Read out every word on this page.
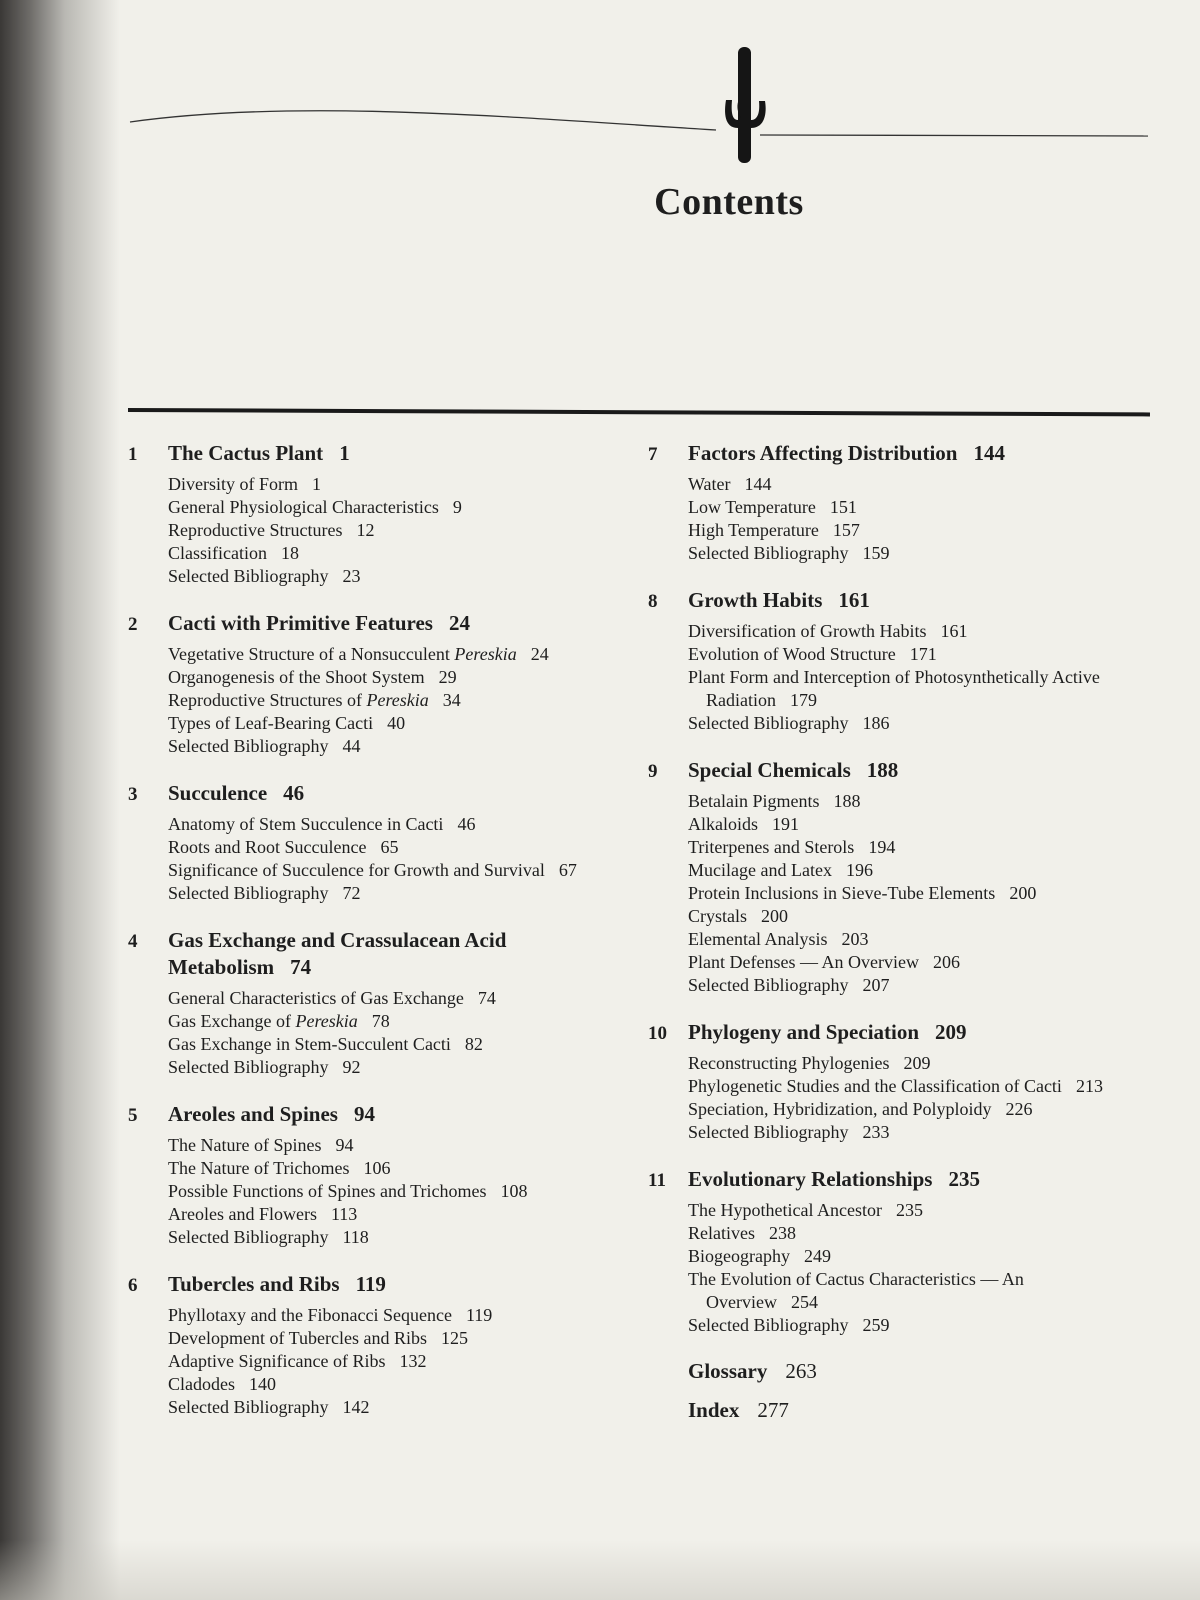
Contents
1	The Cactus Plant 1
Diversity of Form 1
General Physiological Characteristics 9
Reproductive Structures 12
Classification 18
Selected Bibliography 23
2	Cacti with Primitive Features 24
Vegetative Structure of a Nonsucculent Pereskia 24
Organogenesis of the Shoot System 29
Reproductive Structures of Pereskia 34
Types of Leaf-Bearing Cacti 40
Selected Bibliography 44
3	Succulence 46
Anatomy of Stem Succulence in Cacti 46
Roots and Root Succulence 65
Significance of Succulence for Growth and Survival 67
Selected Bibliography 72
4	Gas Exchange and Crassulacean Acid Metabolism 74
General Characteristics of Gas Exchange 74
Gas Exchange of Pereskia 78
Gas Exchange in Stem-Succulent Cacti 82
Selected Bibliography 92
5	Areoles and Spines 94
The Nature of Spines 94
The Nature of Trichomes 106
Possible Functions of Spines and Trichomes 108
Areoles and Flowers 113
Selected Bibliography 118
6	Tubercles and Ribs 119
Phyllotaxy and the Fibonacci Sequence 119
Development of Tubercles and Ribs 125
Adaptive Significance of Ribs 132
Cladodes 140
Selected Bibliography 142
7	Factors Affecting Distribution 144
Water 144
Low Temperature 151
High Temperature 157
Selected Bibliography 159
8	Growth Habits 161
Diversification of Growth Habits 161
Evolution of Wood Structure 171
Plant Form and Interception of Photosynthetically Active Radiation 179
Selected Bibliography 186
9	Special Chemicals 188
Betalain Pigments 188
Alkaloids 191
Triterpenes and Sterols 194
Mucilage and Latex 196
Protein Inclusions in Sieve-Tube Elements 200
Crystals 200
Elemental Analysis 203
Plant Defenses — An Overview 206
Selected Bibliography 207
10	Phylogeny and Speciation 209
Reconstructing Phylogenies 209
Phylogenetic Studies and the Classification of Cacti 213
Speciation, Hybridization, and Polyploidy 226
Selected Bibliography 233
11	Evolutionary Relationships 235
The Hypothetical Ancestor 235
Relatives 238
Biogeography 249
The Evolution of Cactus Characteristics — An Overview 254
Selected Bibliography 259
Glossary 263
Index 277
